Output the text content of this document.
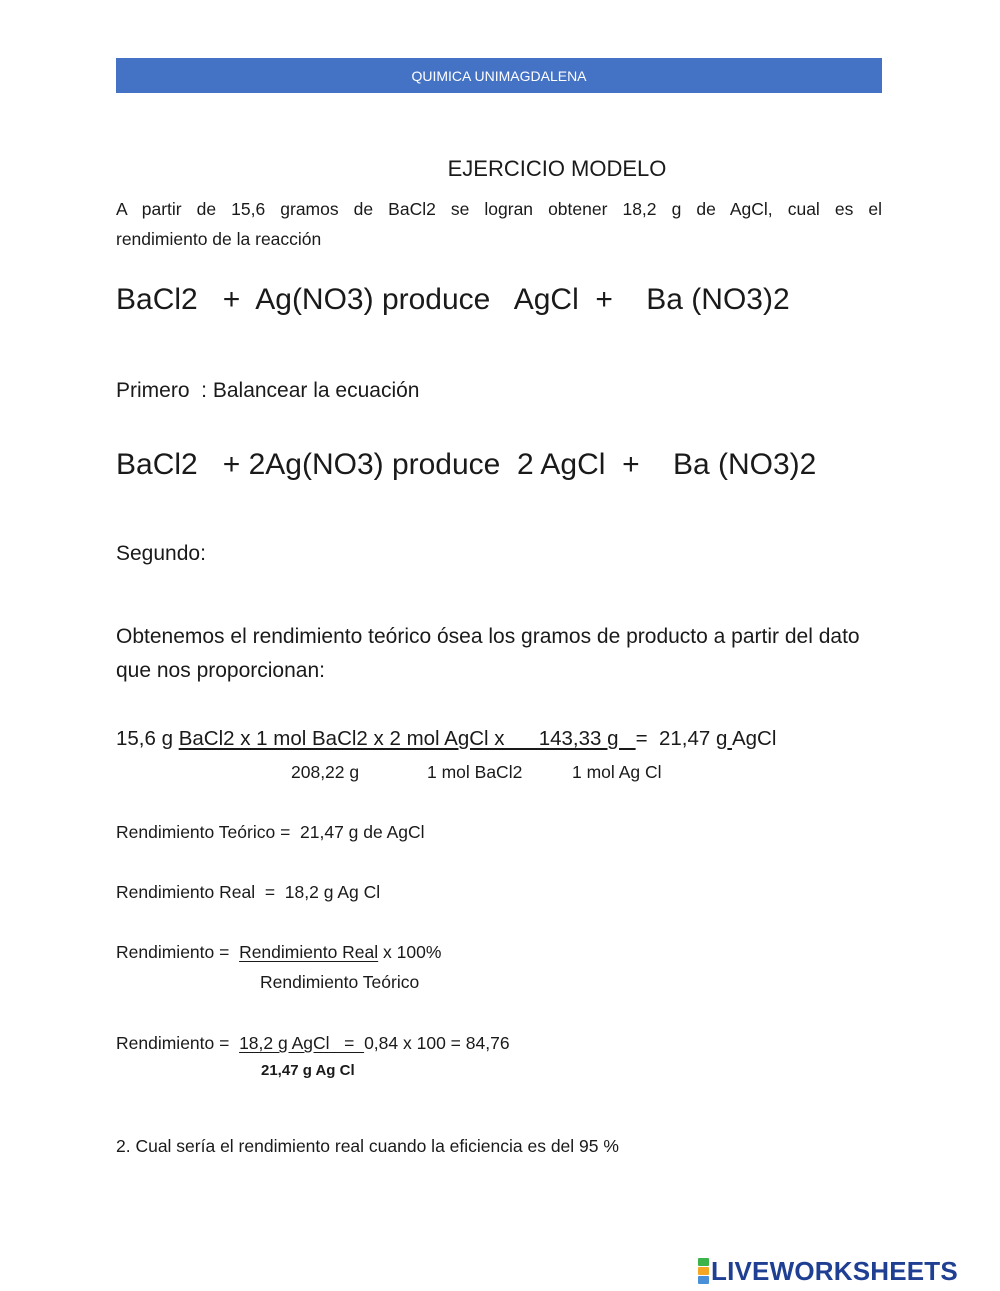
QUIMICA UNIMAGDALENA
EJERCICIO MODELO
A partir de 15,6 gramos de BaCl2 se logran obtener 18,2 g de AgCl, cual es el
rendimiento de la reacción
BaCl2   +  Ag(NO3) produce   AgCl  +    Ba (NO3)2
Primero  : Balancear la ecuación
BaCl2   + 2Ag(NO3) produce  2 AgCl  +    Ba (NO3)2
Segundo:
Obtenemos el rendimiento teórico ósea los gramos de producto a partir del dato que nos proporcionan:
15,6 g BaCl2 x 1 mol BaCl2 x 2 mol AgCl x      143,33 g   =  21,47 g AgCl
208,22 g	1 mol BaCl2	1 mol Ag Cl
Rendimiento Teórico =  21,47 g de AgCl
Rendimiento Real  =  18,2 g Ag Cl
Rendimiento =  Rendimiento Real x 100%
Rendimiento Teórico
Rendimiento =  18,2 g AgCl   =  0,84 x 100 = 84,76
21,47 g Ag Cl
2. Cual sería el rendimiento real cuando la eficiencia es del 95 %
LIVEWORKSHEETS
